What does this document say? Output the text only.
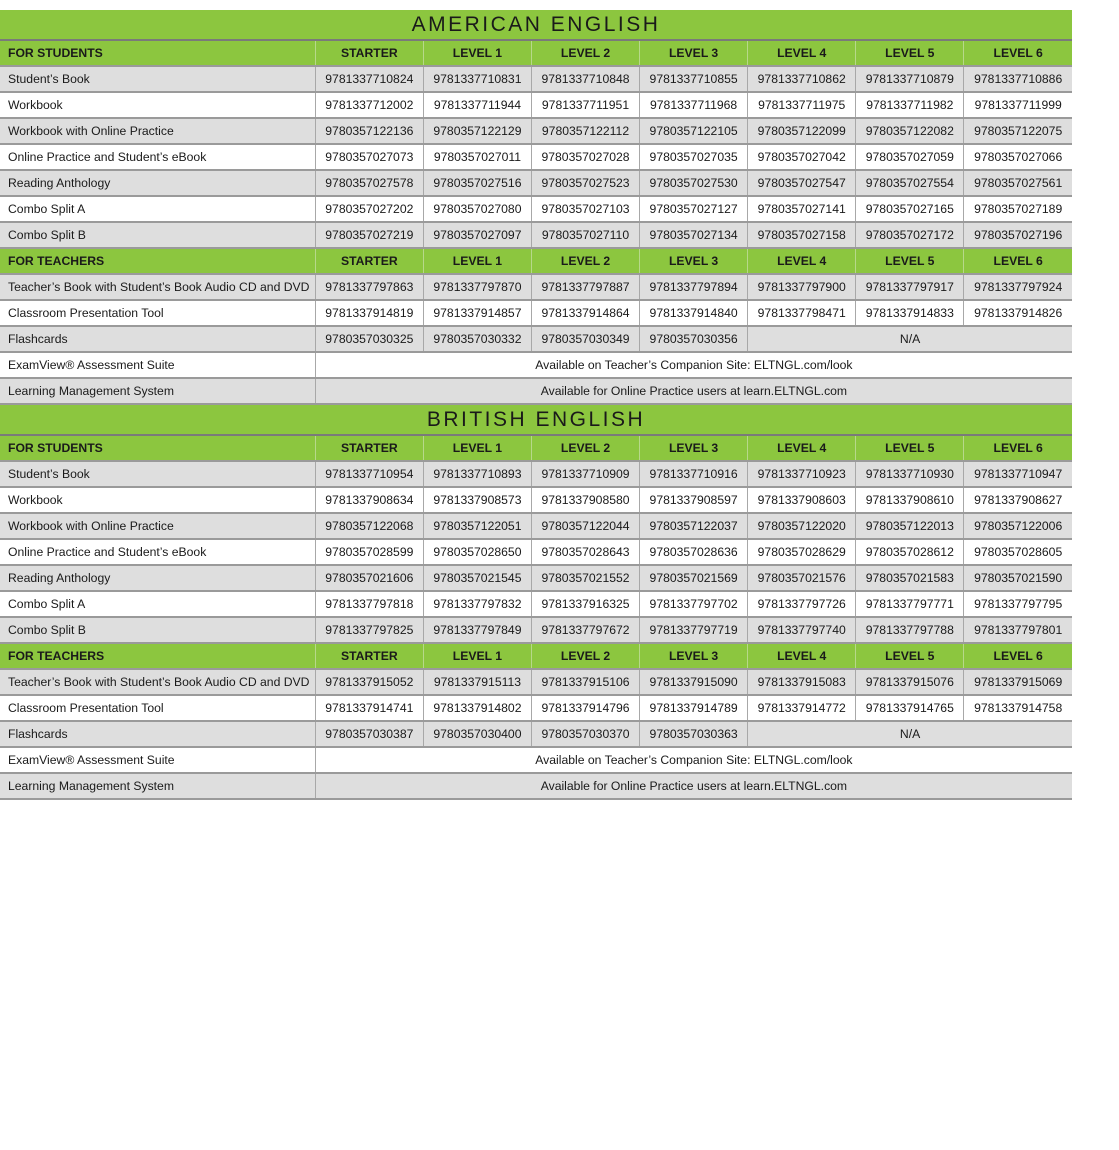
AMERICAN ENGLISH							
FOR STUDENTS	STARTER	LEVEL 1	LEVEL 2	LEVEL 3	LEVEL 4	LEVEL 5	LEVEL 6
Student’s Book	9781337710824	9781337710831	9781337710848	9781337710855	9781337710862	9781337710879	9781337710886
Workbook	9781337712002	9781337711944	9781337711951	9781337711968	9781337711975	9781337711982	9781337711999
Workbook with Online Practice	9780357122136	9780357122129	9780357122112	9780357122105	9780357122099	9780357122082	9780357122075
Online Practice and Student’s eBook	9780357027073	9780357027011	9780357027028	9780357027035	9780357027042	9780357027059	9780357027066
Reading Anthology	9780357027578	9780357027516	9780357027523	9780357027530	9780357027547	9780357027554	9780357027561
Combo Split A	9780357027202	9780357027080	9780357027103	9780357027127	9780357027141	9780357027165	9780357027189
Combo Split B	9780357027219	9780357027097	9780357027110	9780357027134	9780357027158	9780357027172	9780357027196
FOR TEACHERS	STARTER	LEVEL 1	LEVEL 2	LEVEL 3	LEVEL 4	LEVEL 5	LEVEL 6
Teacher’s Book with Student’s Book Audio CD and DVD	9781337797863	9781337797870	9781337797887	9781337797894	9781337797900	9781337797917	9781337797924
Classroom Presentation Tool	9781337914819	9781337914857	9781337914864	9781337914840	9781337798471	9781337914833	9781337914826
Flashcards	9780357030325	9780357030332	9780357030349	9780357030356	N/A		
ExamView® Assessment Suite	Available on Teacher’s Companion Site: ELTNGL.com/look						
Learning Management System	Available for Online Practice users at learn.ELTNGL.com						
BRITISH ENGLISH							
FOR STUDENTS	STARTER	LEVEL 1	LEVEL 2	LEVEL 3	LEVEL 4	LEVEL 5	LEVEL 6
Student’s Book	9781337710954	9781337710893	9781337710909	9781337710916	9781337710923	9781337710930	9781337710947
Workbook	9781337908634	9781337908573	9781337908580	9781337908597	9781337908603	9781337908610	9781337908627
Workbook with Online Practice	9780357122068	9780357122051	9780357122044	9780357122037	9780357122020	9780357122013	9780357122006
Online Practice and Student’s eBook	9780357028599	9780357028650	9780357028643	9780357028636	9780357028629	9780357028612	9780357028605
Reading Anthology	9780357021606	9780357021545	9780357021552	9780357021569	9780357021576	9780357021583	9780357021590
Combo Split A	9781337797818	9781337797832	9781337916325	9781337797702	9781337797726	9781337797771	9781337797795
Combo Split B	9781337797825	9781337797849	9781337797672	9781337797719	9781337797740	9781337797788	9781337797801
FOR TEACHERS	STARTER	LEVEL 1	LEVEL 2	LEVEL 3	LEVEL 4	LEVEL 5	LEVEL 6
Teacher’s Book with Student’s Book Audio CD and DVD	9781337915052	9781337915113	9781337915106	9781337915090	9781337915083	9781337915076	9781337915069
Classroom Presentation Tool	9781337914741	9781337914802	9781337914796	9781337914789	9781337914772	9781337914765	9781337914758
Flashcards	9780357030387	9780357030400	9780357030370	9780357030363	N/A		
ExamView® Assessment Suite	Available on Teacher’s Companion Site: ELTNGL.com/look						
Learning Management System	Available for Online Practice users at learn.ELTNGL.com						
